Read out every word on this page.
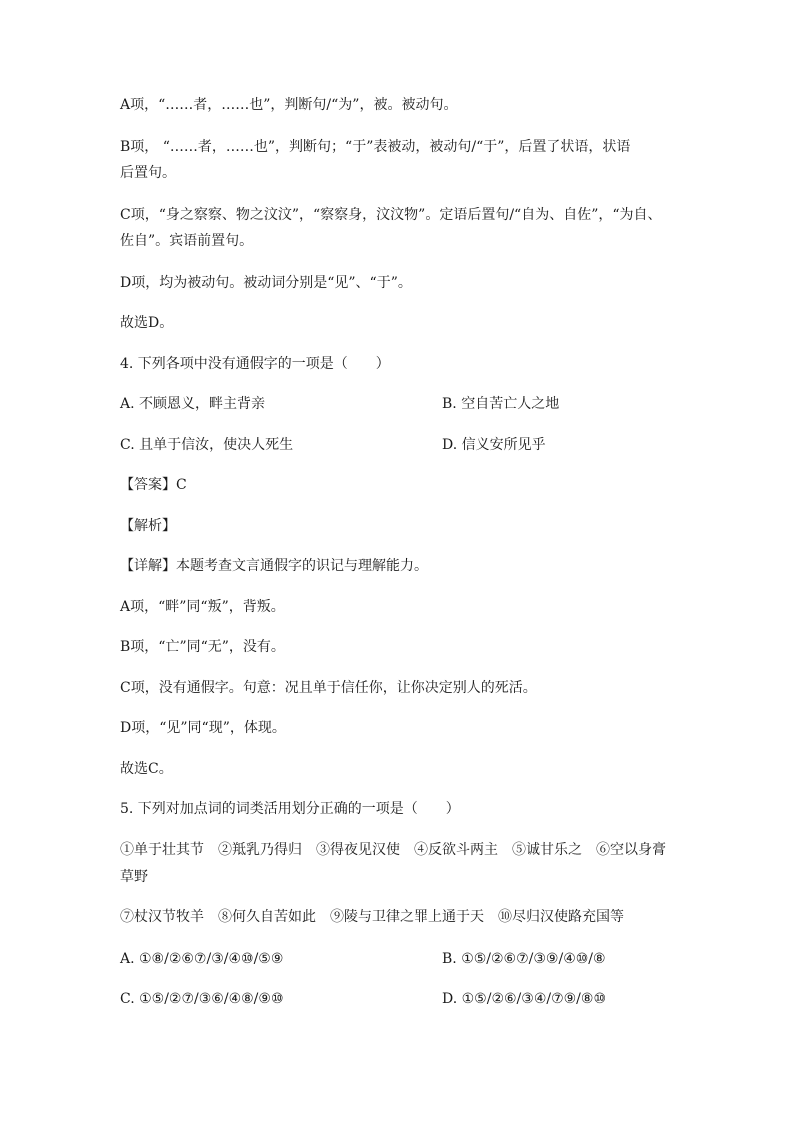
A项，“……者，……也”，判断句/“为”，被。被动句。
B项， “……者，……也”，判断句；“于”表被动，被动句/“于”，后置了状语，状语
后置句。
C项，“身之察察、物之汶汶”，“察察身，汶汶物”。定语后置句/“自为、自佐”，“为自、
佐自”。宾语前置句。
D项，均为被动句。被动词分别是“见”、“于”。
故选D。
4. 下列各项中没有通假字的一项是（　　）
A. 不顾恩义，畔主背亲	B. 空自苦亡人之地
C. 且单于信汝，使决人死生	D. 信义安所见乎
【答案】C
【解析】
【详解】本题考查文言通假字的识记与理解能力。
A项，“畔”同“叛”，背叛。
B项，“亡”同“无”，没有。
C项，没有通假字。句意：况且单于信任你，让你决定别人的死活。
D项，“见”同“现”，体现。
故选C。
5. 下列对加点词的词类活用划分正确的一项是（　　）
①单于壮其节　②羝乳乃得归　③得夜见汉使　④反欲斗两主　⑤诚甘乐之　⑥空以身膏
草野
⑦杖汉节牧羊　⑧何久自苦如此　⑨陵与卫律之罪上通于天　⑩尽归汉使路充国等
A. ①⑧/②⑥⑦/③/④⑩/⑤⑨	B. ①⑤/②⑥⑦/③⑨/④⑩/⑧
C. ①⑤/②⑦/③⑥/④⑧/⑨⑩	D. ①⑤/②⑥/③④/⑦⑨/⑧⑩
